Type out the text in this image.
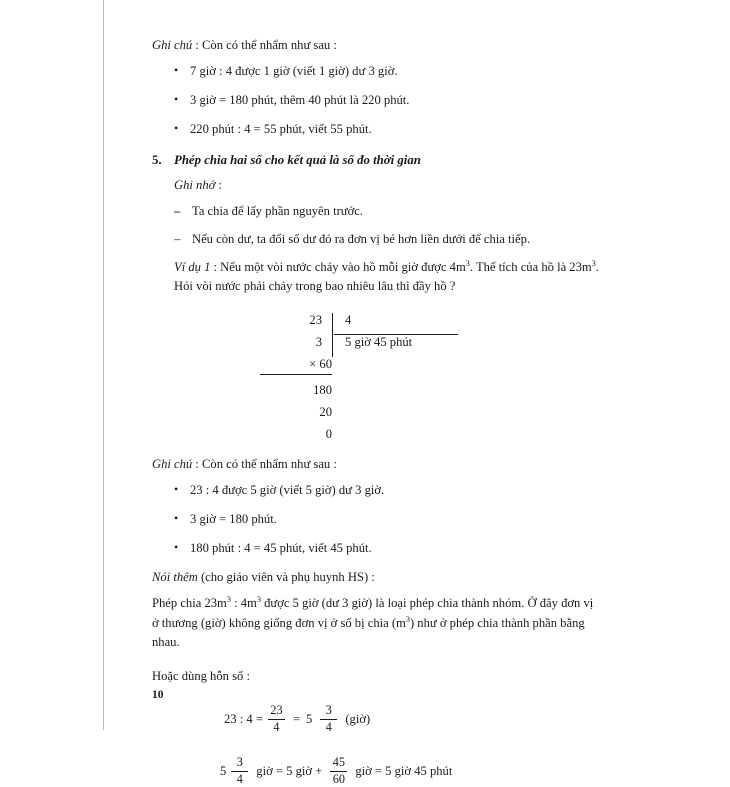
Ghi chú : Còn có thể nhẩm như sau :

• 7 giờ : 4 được 1 giờ (viết 1 giờ) dư 3 giờ.
• 3 giờ = 180 phút, thêm 40 phút là 220 phút.
• 220 phút : 4 = 55 phút, viết 55 phút.
5. Phép chia hai số cho kết quả là số đo thời gian

Ghi nhớ :

– Ta chia để lấy phần nguyên trước.

– Nếu còn dư, ta đổi số dư đó ra đơn vị bé hơn liền dưới để chia tiếp.

Ví dụ 1 : Nếu một vòi nước chảy vào hồ mỗi giờ được $4m^3$. Thể tích của hồ là $23m^3$. Hỏi vòi nước phải chảy trong bao nhiêu lâu thì đầy hồ ?

23	4
3	5 giờ 45 phút
× 60
180
20
0

Ghi chú : Còn có thể nhẩm như sau :

• 23 : 4 được 5 giờ (viết 5 giờ) dư 3 giờ.
• 3 giờ = 180 phút.
• 180 phút : 4 = 45 phút, viết 45 phút.

Nói thêm (cho giáo viên và phụ huynh HS) :

Phép chia $23m^3$ : $4m^3$ được 5 giờ (dư 3 giờ) là loại phép chia thành nhóm. Ở đây đơn vị ở thương (giờ) không giống đơn vị ở số bị chia $(m^3)$ như ở phép chia thành phần bằng nhau.

Hoặc dùng hỗn số :

23 : $4 = \frac{23}{4} = 5 \frac{3}{4}$ (giờ)
$5 \frac{3}{4}$ giờ = 5 giờ + $\frac{45}{60}$ giờ = 5 giờ 45 phút
10
